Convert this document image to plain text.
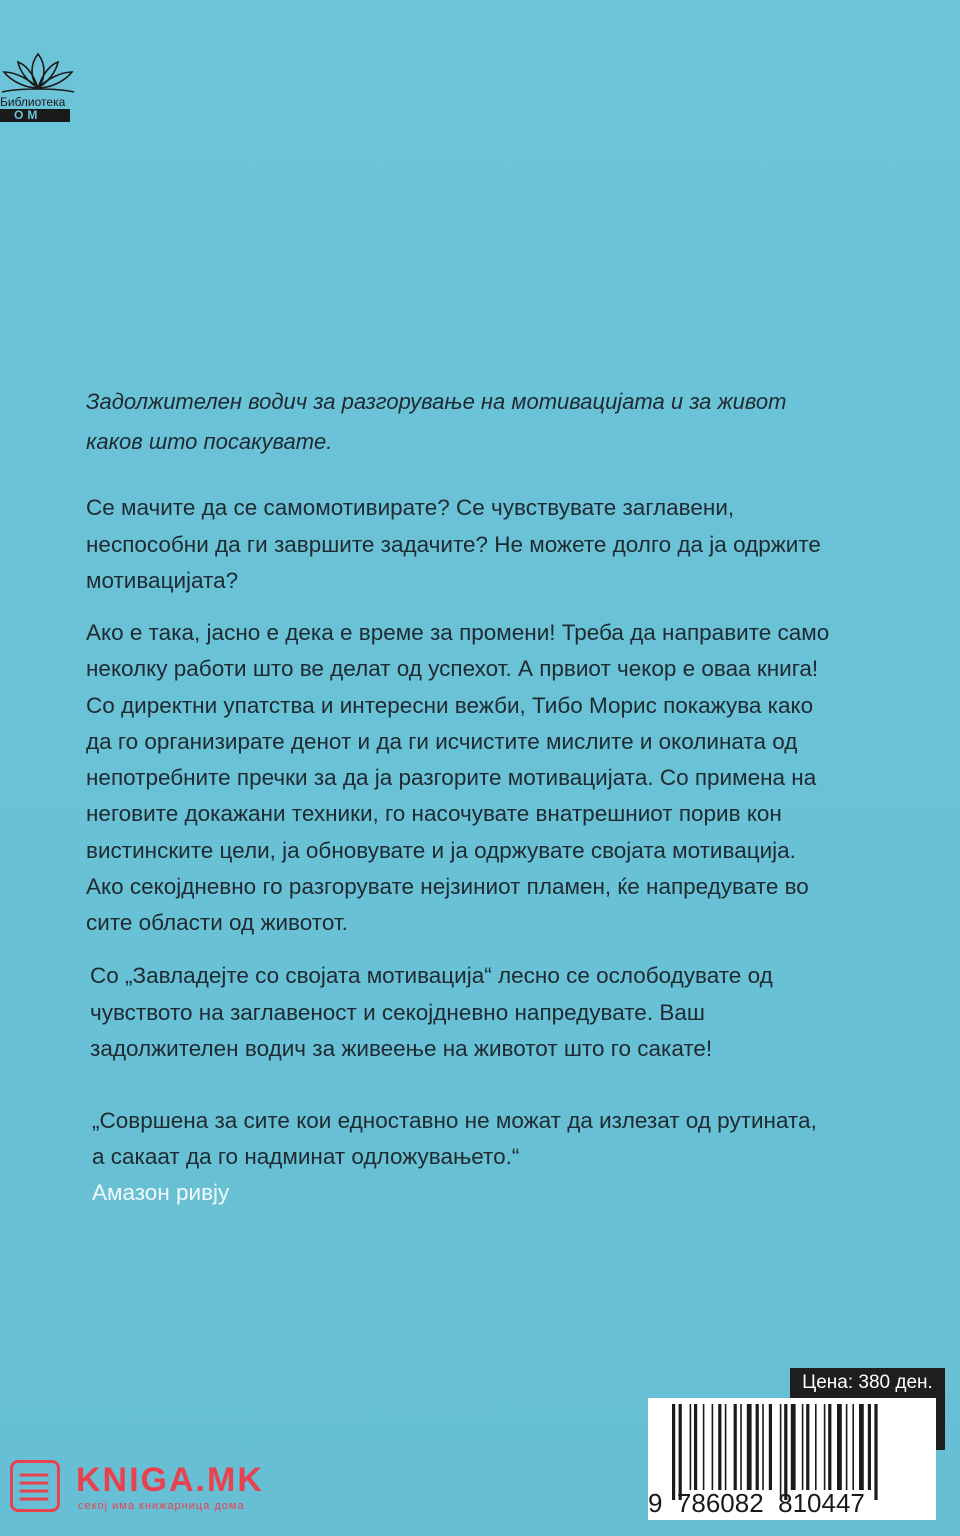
Библиотека
ОМ
Задолжителен водич за разгорување на мотивацијата и за живот
каков што посакувате.
Се мачите да се самомотивирате? Се чувствувате заглавени,
неспособни да ги завршите задачите? Не можете долго да ја одржите
мотивацијата?
Ако е така, јасно е дека е време за промени! Треба да направите само
неколку работи што ве делат од успехот. А првиот чекор е оваа книга!
Со директни упатства и интересни вежби, Тибо Морис покажува како
да го организирате денот и да ги исчистите мислите и околината од
непотребните пречки за да ја разгорите мотивацијата. Со примена на
неговите докажани техники, го насочувате внатрешниот порив кон
вистинските цели, ја обновувате и ја одржувате својата мотивација.
Ако секојдневно го разгорувате нејзиниот пламен, ќе напредувате во
сите области од животот.
Со „Завладејте со својата мотивација“ лесно се ослободувате од
чувството на заглавеност и секојдневно напредувате. Ваш
задолжителен водич за живеење на животот што го сакате!
„Совршена за сите кои едноставно не можат да излезат од рутината,
а сакаат да го надминат одложувањето.“
Амазон ривју
Цена: 380 ден.
9  786082  810447
KNIGA.MK
секој има книжарница дома
